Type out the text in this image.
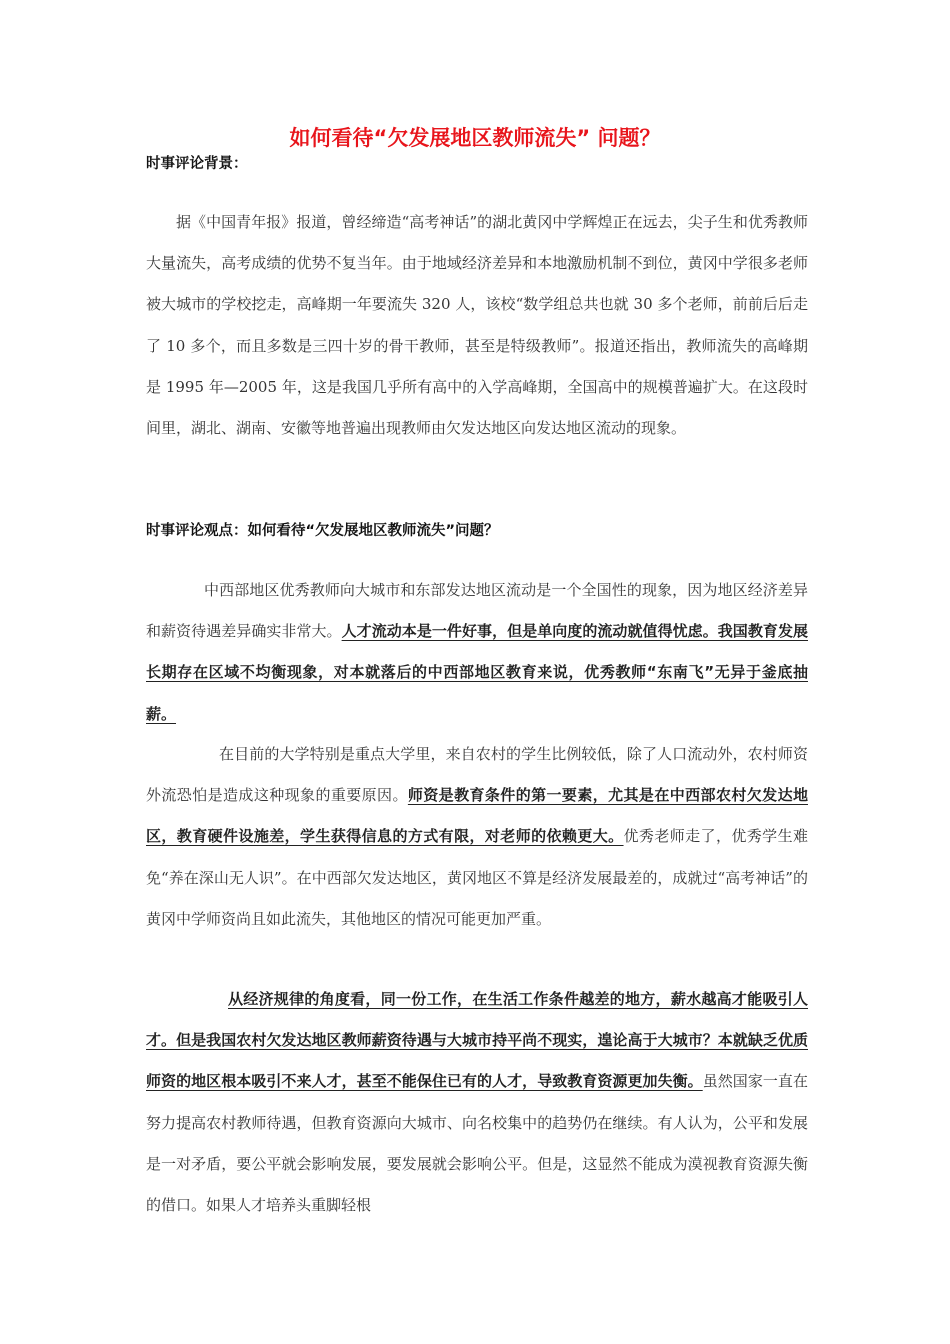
如何看待“欠发展地区教师流失” 问题？

时事评论背景：

据《中国青年报》报道，曾经缔造“高考神话”的湖北黄冈中学辉煌正在远去，尖子生和优秀教师大量流失，高考成绩的优势不复当年。由于地域经济差异和本地激励机制不到位，黄冈中学很多老师被大城市的学校挖走，高峰期一年要流失 320 人，该校“数学组总共也就 30 多个老师，前前后后走了 10 多个，而且多数是三四十岁的骨干教师，甚至是特级教师”。报道还指出，教师流失的高峰期是 1995 年—2005 年，这是我国几乎所有高中的入学高峰期，全国高中的规模普遍扩大。在这段时间里，湖北、湖南、安徽等地普遍出现教师由欠发达地区向发达地区流动的现象。

时事评论观点：如何看待“欠发展地区教师流失”问题？

中西部地区优秀教师向大城市和东部发达地区流动是一个全国性的现象，因为地区经济差异和薪资待遇差异确实非常大。人才流动本是一件好事，但是单向度的流动就值得忧虑。我国教育发展长期存在区域不均衡现象，对本就落后的中西部地区教育来说，优秀教师“东南飞”无异于釜底抽薪。

在目前的大学特别是重点大学里，来自农村的学生比例较低，除了人口流动外，农村师资外流恐怕是造成这种现象的重要原因。师资是教育条件的第一要素，尤其是在中西部农村欠发达地区，教育硬件设施差，学生获得信息的方式有限，对老师的依赖更大。优秀老师走了，优秀学生难免“养在深山无人识”。在中西部欠发达地区，黄冈地区不算是经济发展最差的，成就过“高考神话”的黄冈中学师资尚且如此流失，其他地区的情况可能更加严重。

从经济规律的角度看，同一份工作，在生活工作条件越差的地方，薪水越高才能吸引人才。但是我国农村欠发达地区教师薪资待遇与大城市持平尚不现实，遑论高于大城市？本就缺乏优质师资的地区根本吸引不来人才，甚至不能保住已有的人才，导致教育资源更加失衡。虽然国家一直在努力提高农村教师待遇，但教育资源向大城市、向名校集中的趋势仍在继续。有人认为，公平和发展是一对矛盾，要公平就会影响发展，要发展就会影响公平。但是，这显然不能成为漠视教育资源失衡的借口。如果人才培养头重脚轻根
